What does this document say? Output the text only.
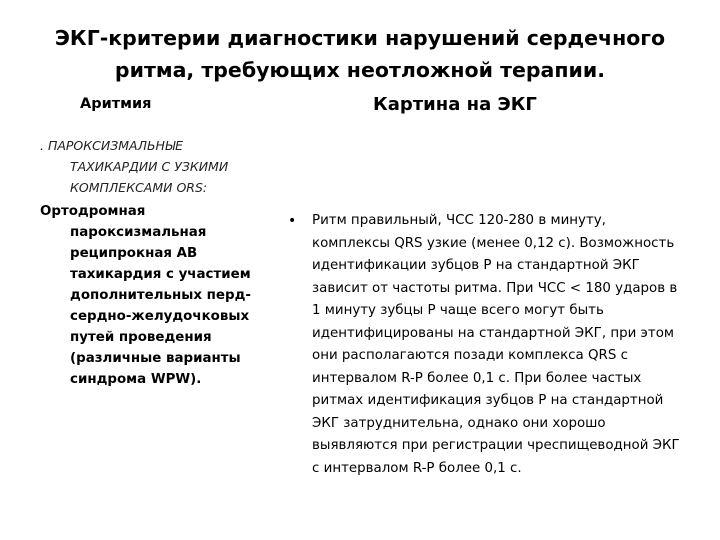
ЭКГ-критерии диагностики нарушений сердечного ритма, требующих неотложной терапии.
Аритмия	Картина на ЭКГ

. ПАРОКСИЗМАЛЬНЫЕ ТАХИКАРДИИ С УЗКИМИ КОМПЛЕКСАМИ ORS:

Ортодромная пароксизмальная реципрокная АВ тахикардия с участием дополнительных пердсердно-желудочковых путей проведения (различные варианты синдрома WPW).

• Ритм правильный, ЧСС 120-280 в минуту, комплексы QRS узкие (менее 0,12 с). Возможность идентификации зубцов Р на стандартной ЭКГ зависит от частоты ритма. При ЧСС < 180 ударов в 1 минуту зубцы Р чаще всего могут быть идентифицированы на стандартной ЭКГ, при этом они располагаются позади комплекса QRS с интервалом R-P более 0,1 с. При более частых ритмах идентификация зубцов Р на стандартной ЭКГ затруднительна, однако они хорошо выявляются при регистрации чреспищеводной ЭКГ с интервалом R-P более 0,1 с.
